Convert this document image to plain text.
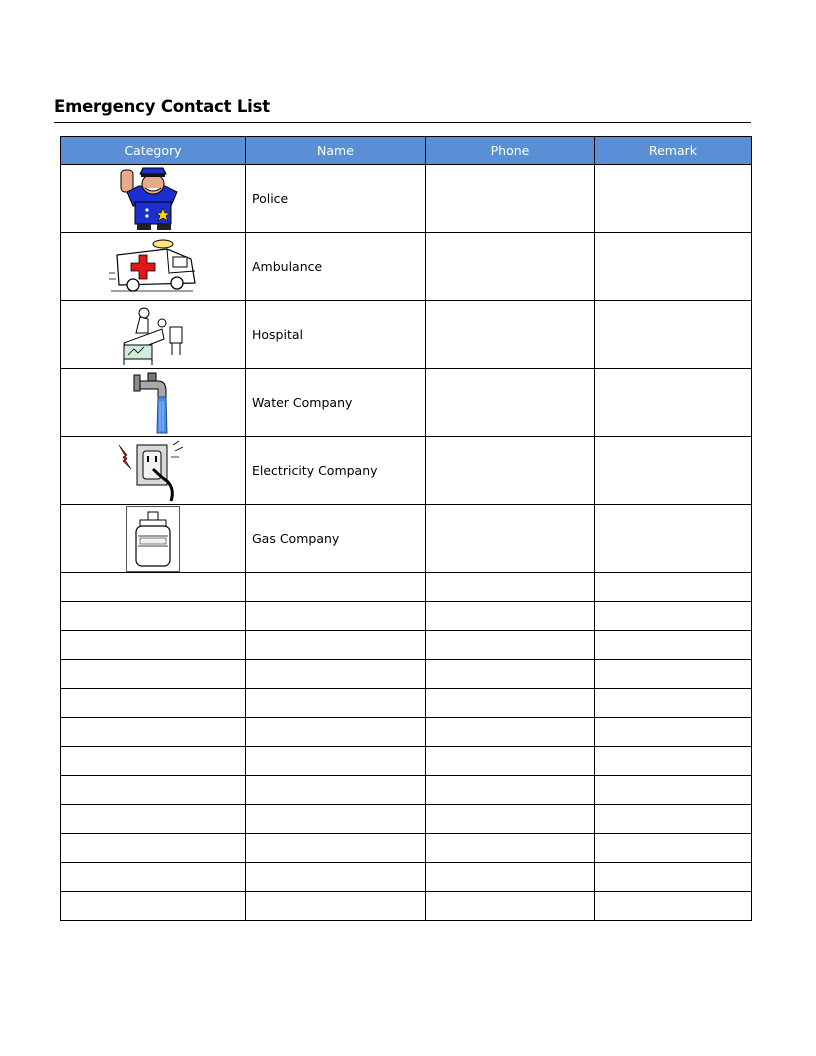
Emergency Contact List
Category	Name	Phone	Remark
	Police		
	Ambulance		
	Hospital		
	Water Company		
	Electricity Company		
	Gas Company		
